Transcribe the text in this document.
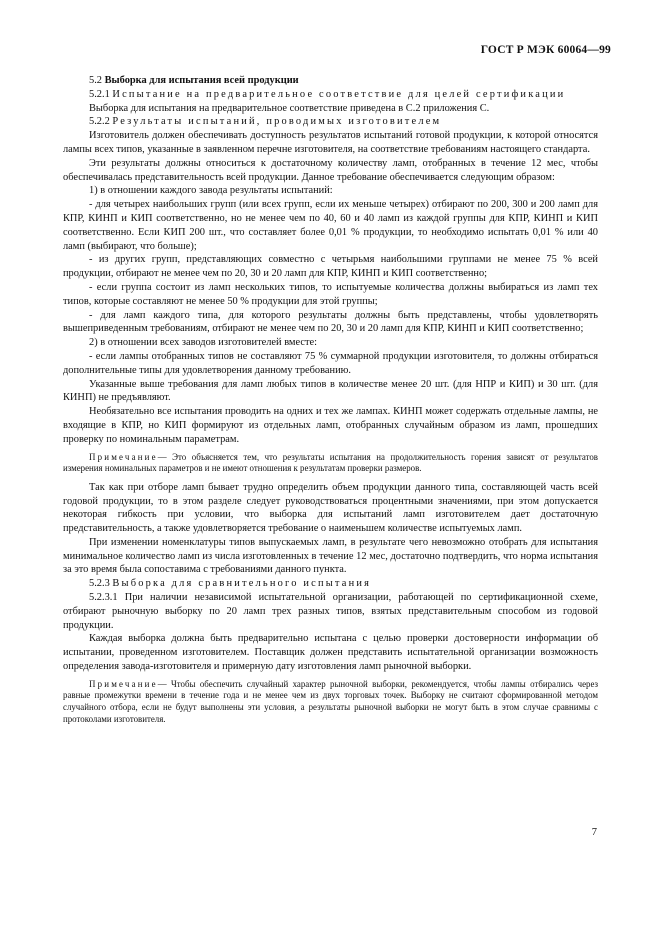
ГОСТ Р МЭК 60064—99

5.2 Выборка для испытания всей продукции

5.2.1 Испытание на предварительное соответствие для целей сертификации

Выборка для испытания на предварительное соответствие приведена в С.2 приложения С.

5.2.2 Результаты испытаний, проводимых изготовителем

Изготовитель должен обеспечивать доступность результатов испытаний готовой продукции, к которой относятся лампы всех типов, указанные в заявленном перечне изготовителя, на соответствие требованиям настоящего стандарта.

Эти результаты должны относиться к достаточному количеству ламп, отобранных в течение 12 мес, чтобы обеспечивалась представительность всей продукции. Данное требование обеспечивается следующим образом:

1) в отношении каждого завода результаты испытаний:

- для четырех наибольших групп (или всех групп, если их меньше четырех) отбирают по 200, 300 и 200 ламп для КПР, КИНП и КИП соответственно, но не менее чем по 40, 60 и 40 ламп из каждой группы для КПР, КИНП и КИП соответственно. Если КИП 200 шт., что составляет более 0,01 % продукции, то необходимо испытать 0,01 % или 40 ламп (выбирают, что больше);

- из других групп, представляющих совместно с четырьмя наибольшими группами не менее 75 % всей продукции, отбирают не менее чем по 20, 30 и 20 ламп для КПР, КИНП и КИП соответственно;

- если группа состоит из ламп нескольких типов, то испытуемые количества должны выбираться из ламп тех типов, которые составляют не менее 50 % продукции для этой группы;

- для ламп каждого типа, для которого результаты должны быть представлены, чтобы удовлетворять вышеприведенным требованиям, отбирают не менее чем по 20, 30 и 20 ламп для КПР, КИНП и КИП соответственно;

2) в отношении всех заводов изготовителей вместе:

- если лампы отобранных типов не составляют 75 % суммарной продукции изготовителя, то должны отбираться дополнительные типы для удовлетворения данному требованию.

Указанные выше требования для ламп любых типов в количестве менее 20 шт. (для НПР и КИП) и 30 шт. (для КИНП) не предъявляют.

Необязательно все испытания проводить на одних и тех же лампах. КИНП может содержать отдельные лампы, не входящие в КПР, но КИП формируют из отдельных ламп, отобранных случайным образом из ламп, прошедших проверку по номинальным параметрам.

Примечание— Это объясняется тем, что результаты испытания на продолжительность горения зависят от результатов измерения номинальных параметров и не имеют отношения к результатам проверки размеров.

Так как при отборе ламп бывает трудно определить объем продукции данного типа, составляющей часть всей годовой продукции, то в этом разделе следует руководствоваться процентными значениями, при этом допускается некоторая гибкость при условии, что выборка для испытаний ламп изготовителем дает достаточную представительность, а также удовлетворяется требование о наименьшем количестве испытуемых ламп.

При изменении номенклатуры типов выпускаемых ламп, в результате чего невозможно отобрать для испытания минимальное количество ламп из числа изготовленных в течение 12 мес, достаточно подтвердить, что норма испытания за это время была сопоставима с требованиями данного пункта.

5.2.3 Выборка для сравнительного испытания

5.2.3.1 При наличии независимой испытательной организации, работающей по сертификационной схеме, отбирают рыночную выборку по 20 ламп трех разных типов, взятых представительным способом из годовой продукции.

Каждая выборка должна быть предварительно испытана с целью проверки достоверности информации об испытании, проведенном изготовителем. Поставщик должен представить испытательной организации возможность определения завода-изготовителя и примерную дату изготовления ламп рыночной выборки.

Примечание— Чтобы обеспечить случайный характер рыночной выборки, рекомендуется, чтобы лампы отбирались через равные промежутки времени в течение года и не менее чем из двух торговых точек. Выборку не считают сформированной методом случайного отбора, если не будут выполнены эти условия, а результаты рыночной выборки не могут быть в этом случае сравнимы с протоколами изготовителя.

7
